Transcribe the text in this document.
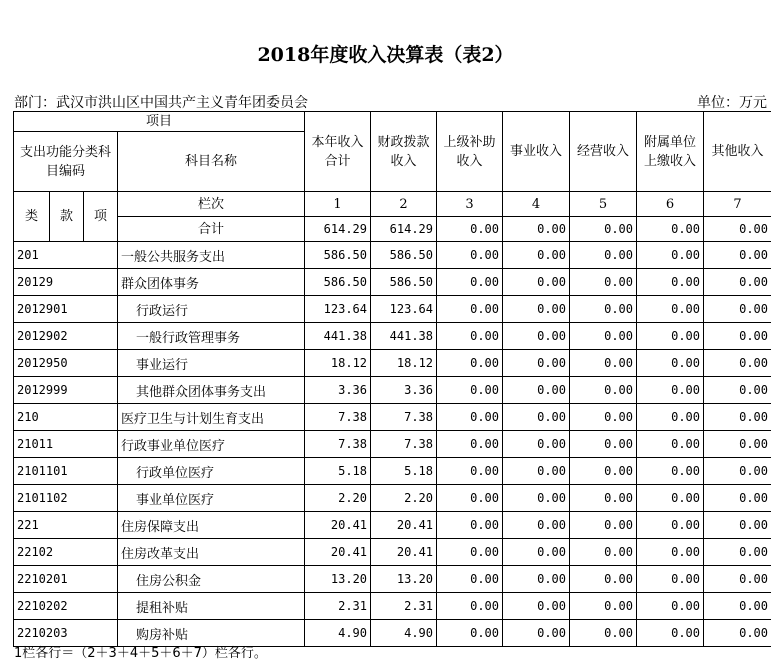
2018年度收入决算表（表2）
部门：武汉市洪山区中国共产主义青年团委员会	单位：万元
项目				本年收入合计	财政拨款收入	上级补助收入	事业收入	经营收入	附属单位上缴收入	其他收入
支出功能分类科目编码			科目名称							

类	款	项	栏次	1	2	3	4	5	6	7
			合计	614.29	614.29	0.00	0.00	0.00	0.00	0.00
201			一般公共服务支出	586.50	586.50	0.00	0.00	0.00	0.00	0.00
20129			群众团体事务	586.50	586.50	0.00	0.00	0.00	0.00	0.00
2012901			行政运行	123.64	123.64	0.00	0.00	0.00	0.00	0.00
2012902			一般行政管理事务	441.38	441.38	0.00	0.00	0.00	0.00	0.00
2012950			事业运行	18.12	18.12	0.00	0.00	0.00	0.00	0.00
2012999			其他群众团体事务支出	3.36	3.36	0.00	0.00	0.00	0.00	0.00
210			医疗卫生与计划生育支出	7.38	7.38	0.00	0.00	0.00	0.00	0.00
21011			行政事业单位医疗	7.38	7.38	0.00	0.00	0.00	0.00	0.00
2101101			行政单位医疗	5.18	5.18	0.00	0.00	0.00	0.00	0.00
2101102			事业单位医疗	2.20	2.20	0.00	0.00	0.00	0.00	0.00
221			住房保障支出	20.41	20.41	0.00	0.00	0.00	0.00	0.00
22102			住房改革支出	20.41	20.41	0.00	0.00	0.00	0.00	0.00
2210201			住房公积金	13.20	13.20	0.00	0.00	0.00	0.00	0.00
2210202			提租补贴	2.31	2.31	0.00	0.00	0.00	0.00	0.00
2210203			购房补贴	4.90	4.90	0.00	0.00	0.00	0.00	0.00
1栏各行＝（2＋3＋4＋5＋6＋7）栏各行。
